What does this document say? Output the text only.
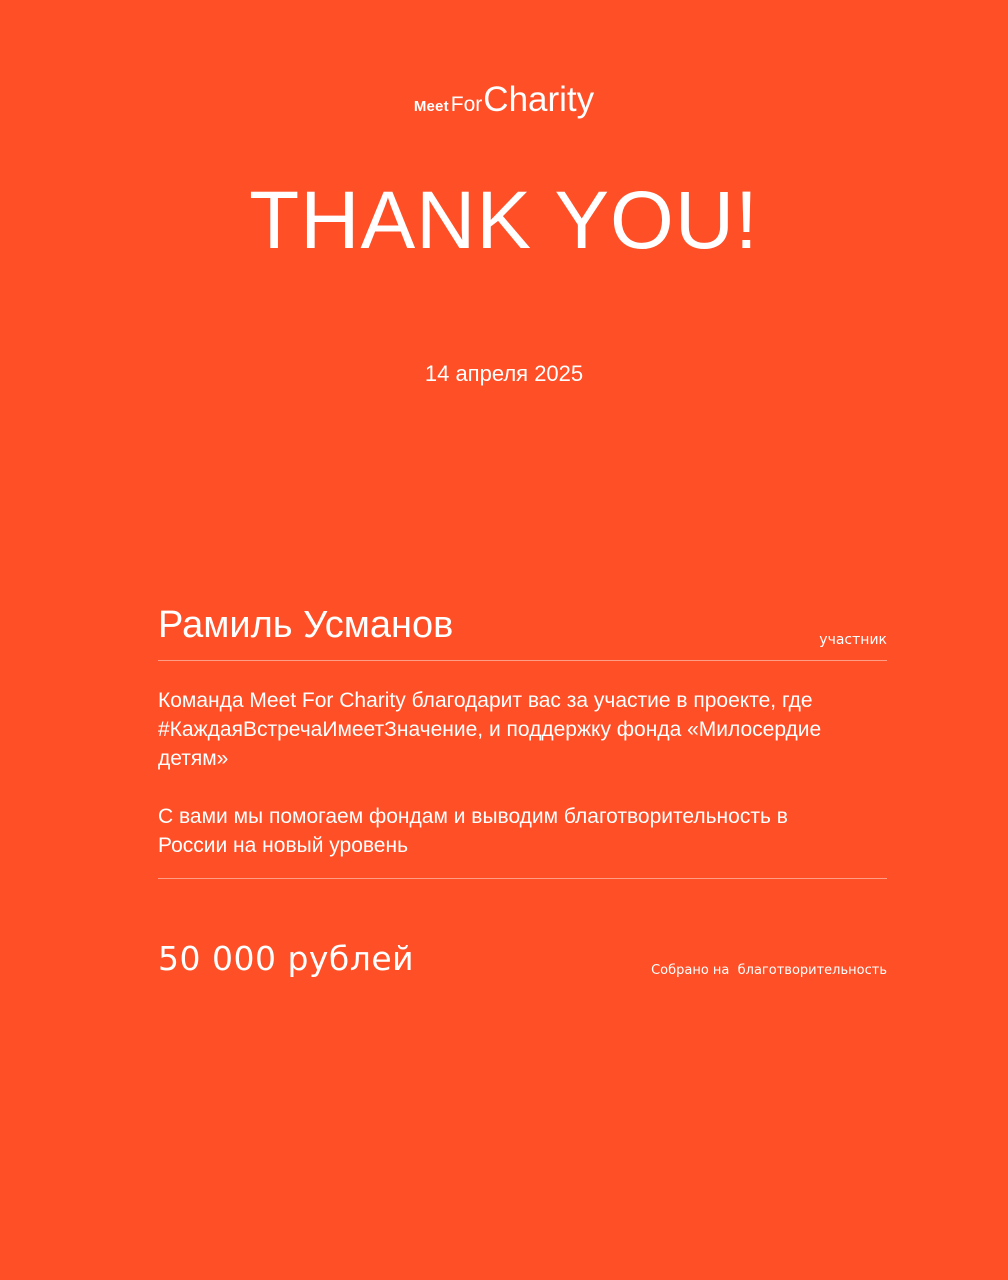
MeetForCharity
THANK YOU!
14 апреля 2025
Рамиль Усманов	участник

Команда Meet For Charity благодарит вас за участие в проекте, где #КаждаяВстречаИмеетЗначение, и поддержку фонда «Милосердие детям»

С вами мы помогаем фондам и выводим благотворительность в России на новый уровень

50 000 рублей	Собрано на  благотворительность
